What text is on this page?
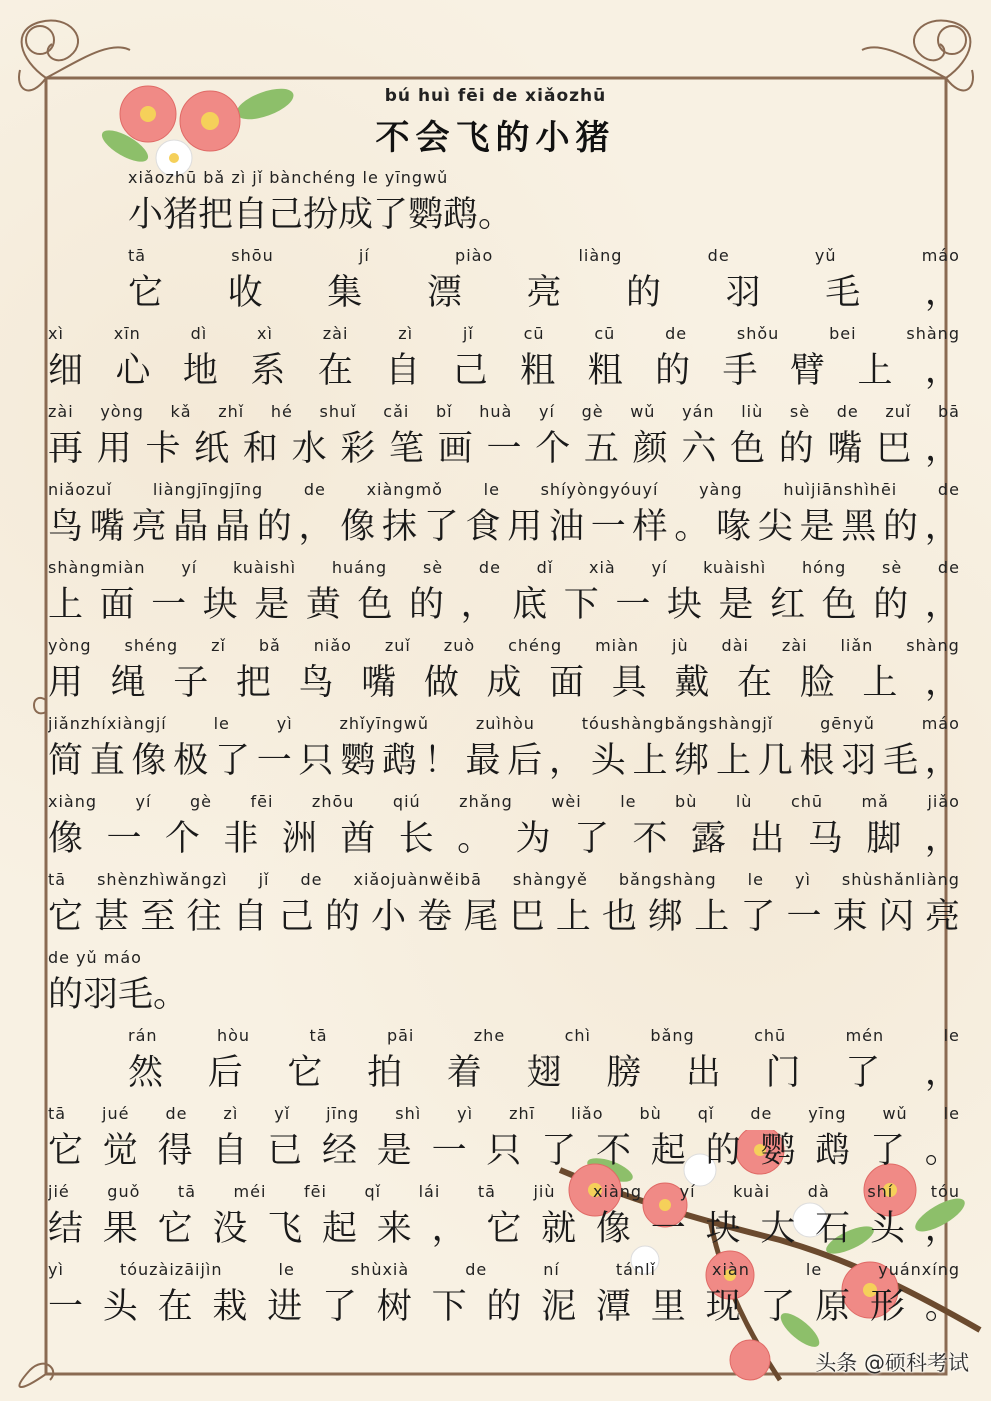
bú huì fēi de xiǎozhū
不会飞的小猪
xiǎozhū bǎ zì jǐ bànchéng le yīngwǔ
小猪把自己扮成了鹦鹉。
tā	shōu	jí	piào	liàng	de	yǔ	máo
它 收 集 漂 亮 的 羽 毛 ，
xì	xīn	dì	xì	zài	zì	jǐ	cū	cū	de	shǒu	bei	shàng
细 心 地 系 在 自 己 粗 粗 的 手 臂 上 ，
zài yòng kǎ zhǐ hé shuǐ cǎi bǐ huà yí gè wǔ yán liù sè de zuǐ bā
再 用 卡 纸 和 水 彩 笔 画 一 个 五 颜 六 色 的 嘴 巴 ，
niǎozuǐ	liàngjīngjīng	de	xiàngmǒ	le	shíyòngyóuyí	yàng	huìjiānshìhēi	de
鸟 嘴 亮 晶 晶 的 ， 像 抹 了 食 用 油 一 样 。 喙 尖 是 黑 的 ，
shàngmiàn yí kuàishì huáng sè de dǐ xià yí kuàishì hóng sè de
上 面 一 块 是 黄 色 的 ， 底 下 一 块 是 红 色 的 ，
yòng shéng zǐ bǎ niǎo zuǐ zuò chéng miàn jù dài zài liǎn shàng
用 绳 子 把 鸟 嘴 做 成 面 具 戴 在 脸 上 ，
jiǎnzhíxiàngjí	le	yì	zhǐyīngwǔ	zuìhòu	tóushàngbǎngshàngjǐ	gēnyǔ	máo
简 直 像 极 了 一 只 鹦 鹉 ！ 最 后 ， 头 上 绑 上 几 根 羽 毛 ，
xiàng yí gè fēi zhōu qiú zhǎng wèi le bù lù chū mǎ jiǎo
像 一 个 非 洲 酋 长 。 为 了 不 露 出 马 脚 ，
tā shènzhìwǎngzì jǐ de xiǎojuànwěibā shàngyě bǎngshàng le yì shùshǎnliàng
它 甚 至 往 自 己 的 小 卷 尾 巴 上 也 绑 上 了 一 束 闪 亮
de yǔ máo
的羽毛。
rán	hòu	tā	pāi	zhe	chì	bǎng	chū	mén	le
然 后 它 拍 着 翅 膀 出 门 了 ，
tā jué de zì yǐ jīng shì yì zhī liǎo bù qǐ de yīng wǔ le
它 觉 得 自 已 经 是 一 只 了 不 起 的 鹦 鹉 了 。
jié guǒ tā méi fēi qǐ lái tā jiù xiàng yí kuài dà shí tóu
结 果 它 没 飞 起 来 ， 它 就 像 一 块 大 石 头 ，
yì	tóuzàizāijìn	le	shùxià	de	ní	tánlǐ	xiàn	le	yuánxíng
一 头 在 栽 进 了 树 下 的 泥 潭 里 现 了 原 形 。
头条 @硕科考试
